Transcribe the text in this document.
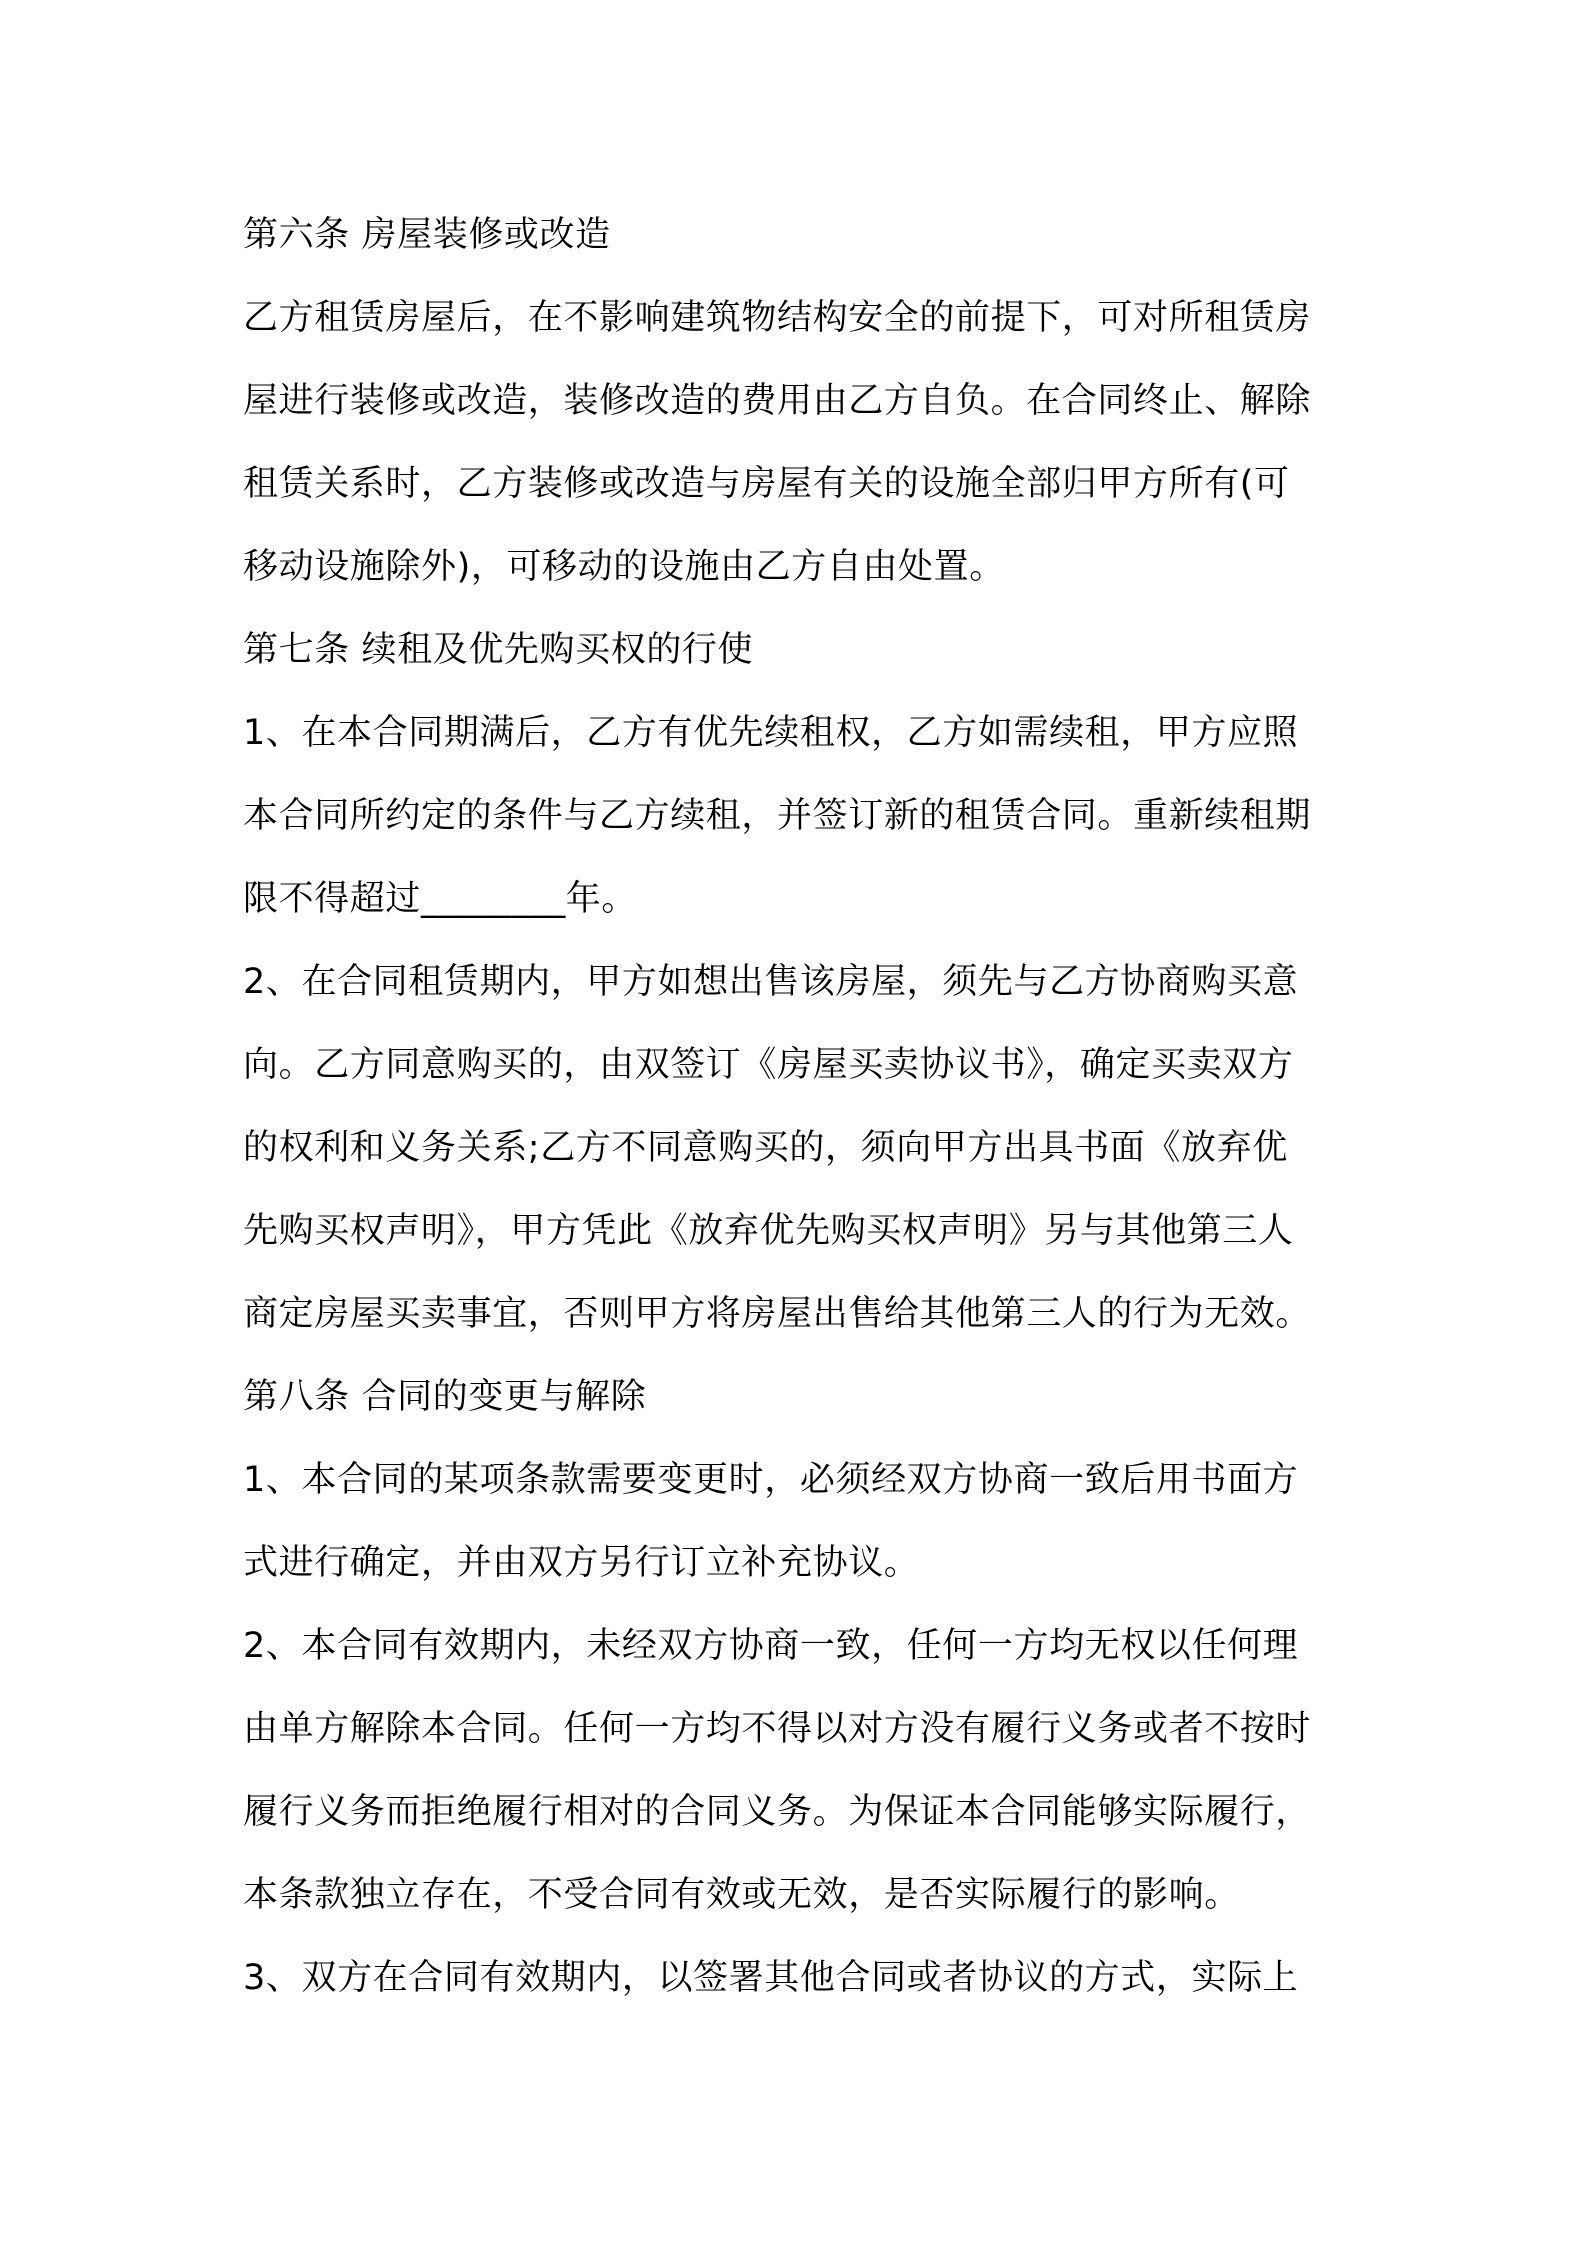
第六条 房屋装修或改造
乙方租赁房屋后，在不影响建筑物结构安全的前提下，可对所租赁房
屋进行装修或改造，装修改造的费用由乙方自负。在合同终止、解除
租赁关系时，乙方装修或改造与房屋有关的设施全部归甲方所有(可
移动设施除外)，可移动的设施由乙方自由处置。
第七条 续租及优先购买权的行使
1、在本合同期满后，乙方有优先续租权，乙方如需续租，甲方应照
本合同所约定的条件与乙方续租，并签订新的租赁合同。重新续租期
限不得超过________年。
2、在合同租赁期内，甲方如想出售该房屋，须先与乙方协商购买意
向。乙方同意购买的，由双签订《房屋买卖协议书》，确定买卖双方
的权利和义务关系;乙方不同意购买的，须向甲方出具书面《放弃优
先购买权声明》，甲方凭此《放弃优先购买权声明》另与其他第三人
商定房屋买卖事宜，否则甲方将房屋出售给其他第三人的行为无效。
第八条 合同的变更与解除
1、本合同的某项条款需要变更时，必须经双方协商一致后用书面方
式进行确定，并由双方另行订立补充协议。
2、本合同有效期内，未经双方协商一致，任何一方均无权以任何理
由单方解除本合同。任何一方均不得以对方没有履行义务或者不按时
履行义务而拒绝履行相对的合同义务。为保证本合同能够实际履行，
本条款独立存在，不受合同有效或无效，是否实际履行的影响。
3、双方在合同有效期内，以签署其他合同或者协议的方式，实际上
